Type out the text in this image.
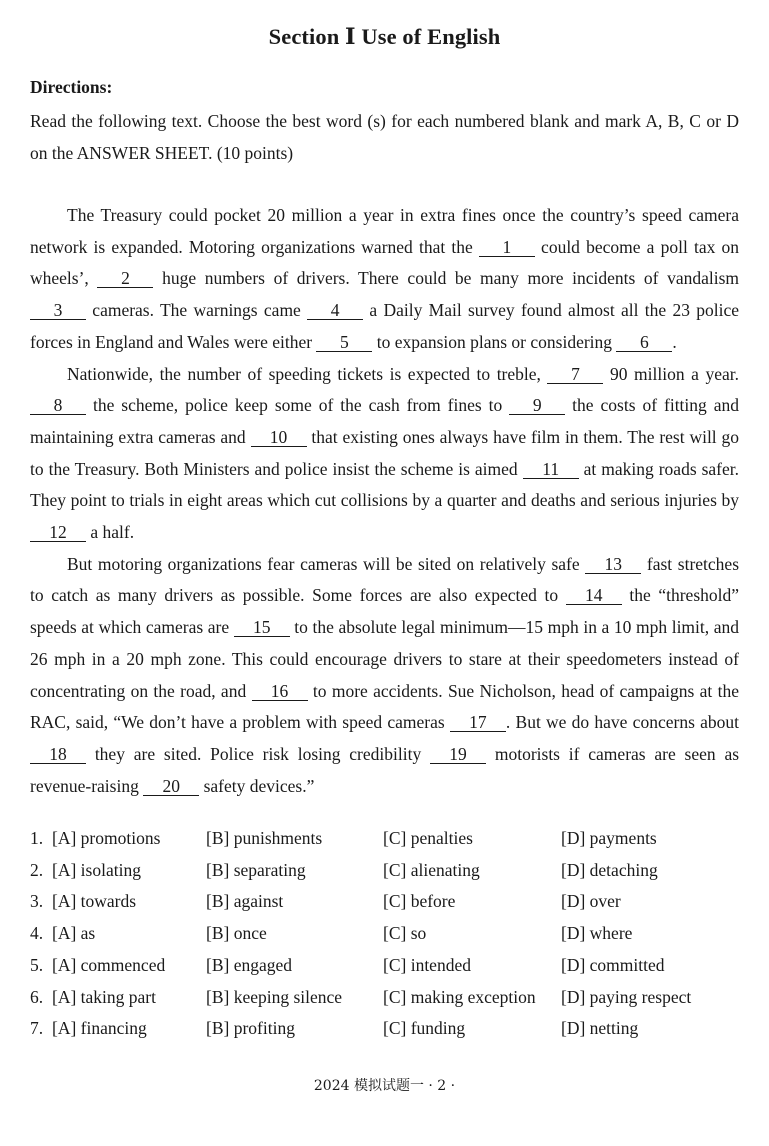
Section Ⅰ Use of English
Directions:
Read the following text. Choose the best word (s) for each numbered blank and mark A, B, C or D on the ANSWER SHEET. (10 points)

The Treasury could pocket 20 million a year in extra fines once the country’s speed camera network is expanded. Motoring organizations warned that the 1 could become a poll tax on wheels’, 2 huge numbers of drivers. There could be many more incidents of vandalism 3 cameras. The warnings came 4 a Daily Mail survey found almost all the 23 police forces in England and Wales were either 5 to expansion plans or considering 6 .

Nationwide, the number of speeding tickets is expected to treble, 7 90 million a year. 8 the scheme, police keep some of the cash from fines to 9 the costs of fitting and maintaining extra cameras and 10 that existing ones always have film in them. The rest will go to the Treasury. Both Ministers and police insist the scheme is aimed 11 at making roads safer. They point to trials in eight areas which cut collisions by a quarter and deaths and serious injuries by 12 a half.

But motoring organizations fear cameras will be sited on relatively safe 13 fast stretches to catch as many drivers as possible. Some forces are also expected to 14 the “threshold” speeds at which cameras are 15 to the absolute legal minimum—15 mph in a 10 mph limit, and 26 mph in a 20 mph zone. This could encourage drivers to stare at their speedometers instead of concentrating on the road, and 16 to more accidents. Sue Nicholson, head of campaigns at the RAC, said, “We don’t have a problem with speed cameras 17 . But we do have concerns about 18 they are sited. Police risk losing credibility 19 motorists if cameras are seen as revenue-raising 20 safety devices.”

1. [A] promotions	[B] punishments	[C] penalties	[D] payments
2. [A] isolating	[B] separating	[C] alienating	[D] detaching
3. [A] towards	[B] against	[C] before	[D] over
4. [A] as	[B] once	[C] so	[D] where
5. [A] commenced	[B] engaged	[C] intended	[D] committed
6. [A] taking part	[B] keeping silence	[C] making exception	[D] paying respect
7. [A] financing	[B] profiting	[C] funding	[D] netting
2024 模拟试题一 · 2 ·
